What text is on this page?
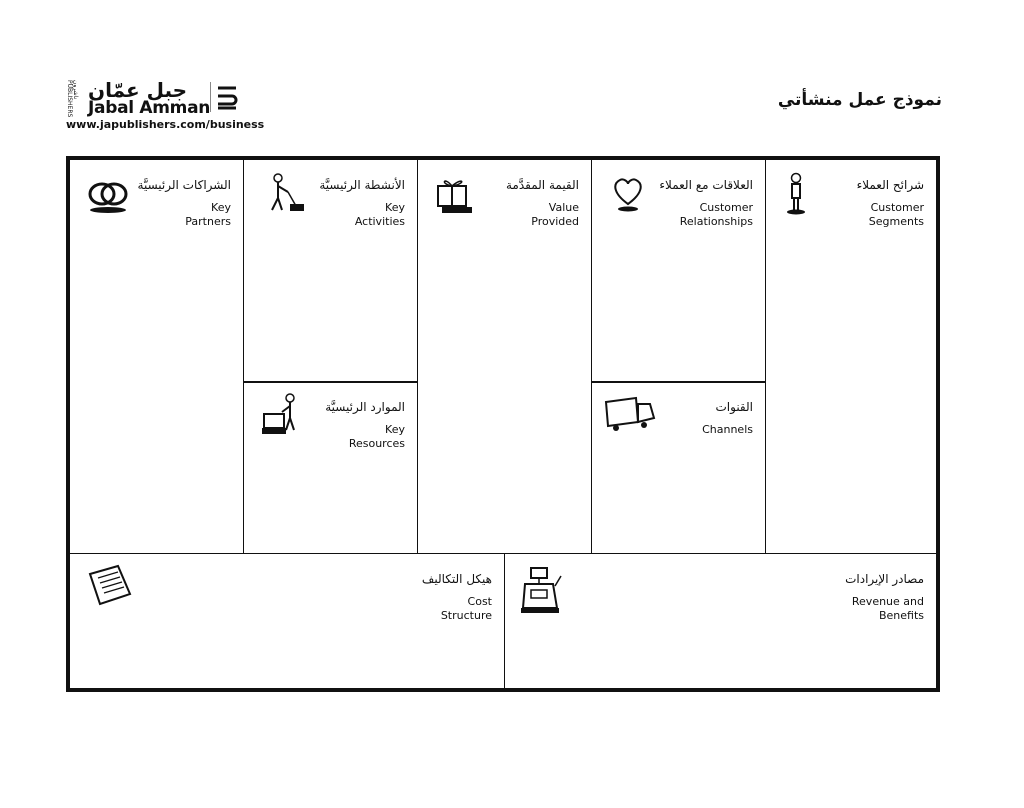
ناشرون PUBLISHERS جبل عمّان
Jabal Amman
www.japublishers.com/business
نموذج عمل منشأتي
الشراكات الرئيسيَّة
Key
Partners
الأنشطة الرئيسيَّة
Key
Activities
الموارد الرئيسيَّة
Key
Resources
القيمة المقدَّمة
Value
Provided
العلاقات مع العملاء
Customer
Relationships
القنوات
Channels
شرائح العملاء
Customer
Segments
هيكل التكاليف
Cost
Structure
مصادر الإيرادات
Revenue and
Benefits
